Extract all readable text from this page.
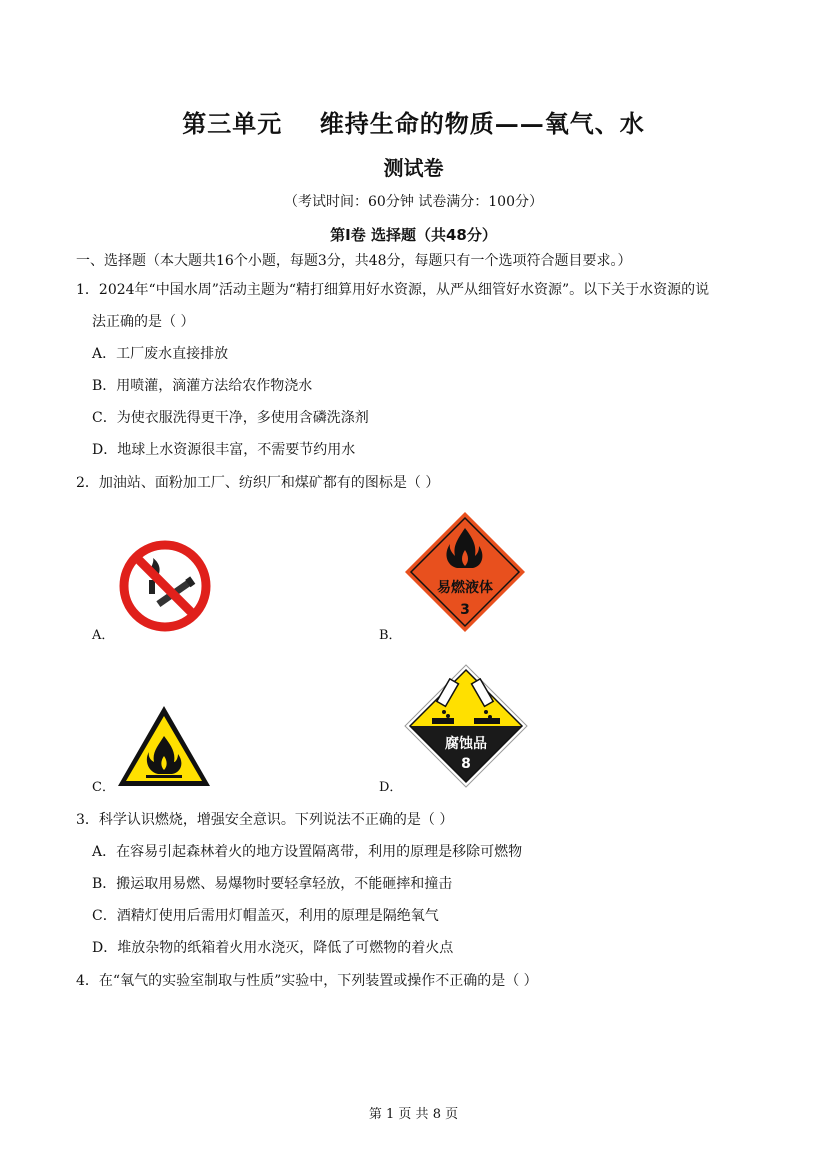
第三单元    维持生命的物质——氧气、水
测试卷
（考试时间：60分钟 试卷满分：100分）
第Ⅰ卷 选择题（共48分）
一、选择题（本大题共16个小题，每题3分，共48分，每题只有一个选项符合题目要求。）
1．2024年“中国水周”活动主题为“精打细算用好水资源，从严从细管好水资源”。以下关于水资源的说
法正确的是（ ）
A．工厂废水直接排放
B．用喷灌，滴灌方法给农作物浇水
C．为使衣服洗得更干净，多使用含磷洗涤剂
D．地球上水资源很丰富，不需要节约用水
2．加油站、面粉加工厂、纺织厂和煤矿都有的图标是（ ）
A．
易燃液体
3
B．
C．
腐蚀品
8
D．
3．科学认识燃烧，增强安全意识。下列说法不正确的是（ ）
A．在容易引起森林着火的地方设置隔离带，利用的原理是移除可燃物
B．搬运取用易燃、易爆物时要轻拿轻放，不能砸摔和撞击
C．酒精灯使用后需用灯帽盖灭，利用的原理是隔绝氧气
D．堆放杂物的纸箱着火用水浇灭，降低了可燃物的着火点
4．在“氧气的实验室制取与性质”实验中，下列装置或操作不正确的是（ ）
第 1 页 共 8 页
